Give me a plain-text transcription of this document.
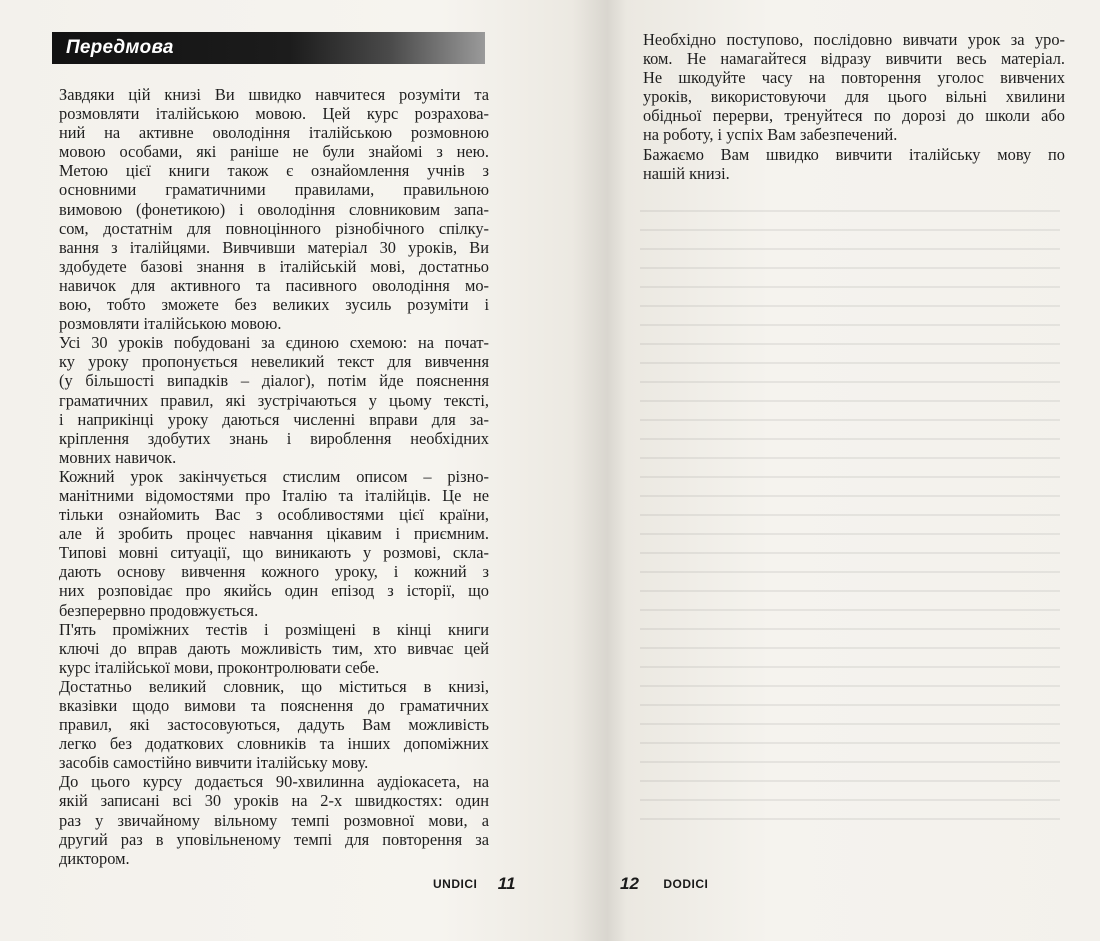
Передмова
Завдяки цій книзі Ви швидко навчитеся розуміти та
розмовляти італійською мовою. Цей курс розрахова-
ний на активне оволодіння італійською розмовною
мовою особами, які раніше не були знайомі з нею.
Метою цієї книги також є ознайомлення учнів з
основними граматичними правилами, правильною
вимовою (фонетикою) і оволодіння словниковим запа-
сом, достатнім для повноцінного різнобічного спілку-
вання з італійцями. Вивчивши матеріал 30 уроків, Ви
здобудете базові знання в італійській мові, достатньо
навичок для активного та пасивного оволодіння мо-
вою, тобто зможете без великих зусиль розуміти і
розмовляти італійською мовою.
Усі 30 уроків побудовані за єдиною схемою: на почат-
ку уроку пропонується невеликий текст для вивчення
(у більшості випадків – діалог), потім йде пояснення
граматичних правил, які зустрічаються у цьому тексті,
і наприкінці уроку даються численні вправи для за-
кріплення здобутих знань і вироблення необхідних
мовних навичок.
Кожний урок закінчується стислим описом – різно-
манітними відомостями про Італію та італійців. Це не
тільки ознайомить Вас з особливостями цієї країни,
але й зробить процес навчання цікавим і приємним.
Типові мовні ситуації, що виникають у розмові, скла-
дають основу вивчення кожного уроку, і кожний з
них розповідає про якийсь один епізод з історії, що
безперервно продовжується.
П'ять проміжних тестів і розміщені в кінці книги
ключі до вправ дають можливість тим, хто вивчає цей
курс італійської мови, проконтролювати себе.
Достатньо великий словник, що міститься в книзі,
вказівки щодо вимови та пояснення до граматичних
правил, які застосовуються, дадуть Вам можливість
легко без додаткових словників та інших допоміжних
засобів самостійно вивчити італійську мову.
До цього курсу додається 90-хвилинна аудіокасета, на
якій записані всі 30 уроків на 2-х швидкостях: один
раз у звичайному вільному темпі розмовної мови, а
другий раз в уповільненому темпі для повторення за
диктором.
UNDICI 11
Необхідно поступово, послідовно вивчати урок за уро-
ком. Не намагайтеся відразу вивчити весь матеріал.
Не шкодуйте часу на повторення уголос вивчених
уроків, використовуючи для цього вільні хвилини
обідньої перерви, тренуйтеся по дорозі до школи або
на роботу, і успіх Вам забезпечений.
Бажаємо Вам швидко вивчити італійську мову по
нашій книзі.
12 DODICI
